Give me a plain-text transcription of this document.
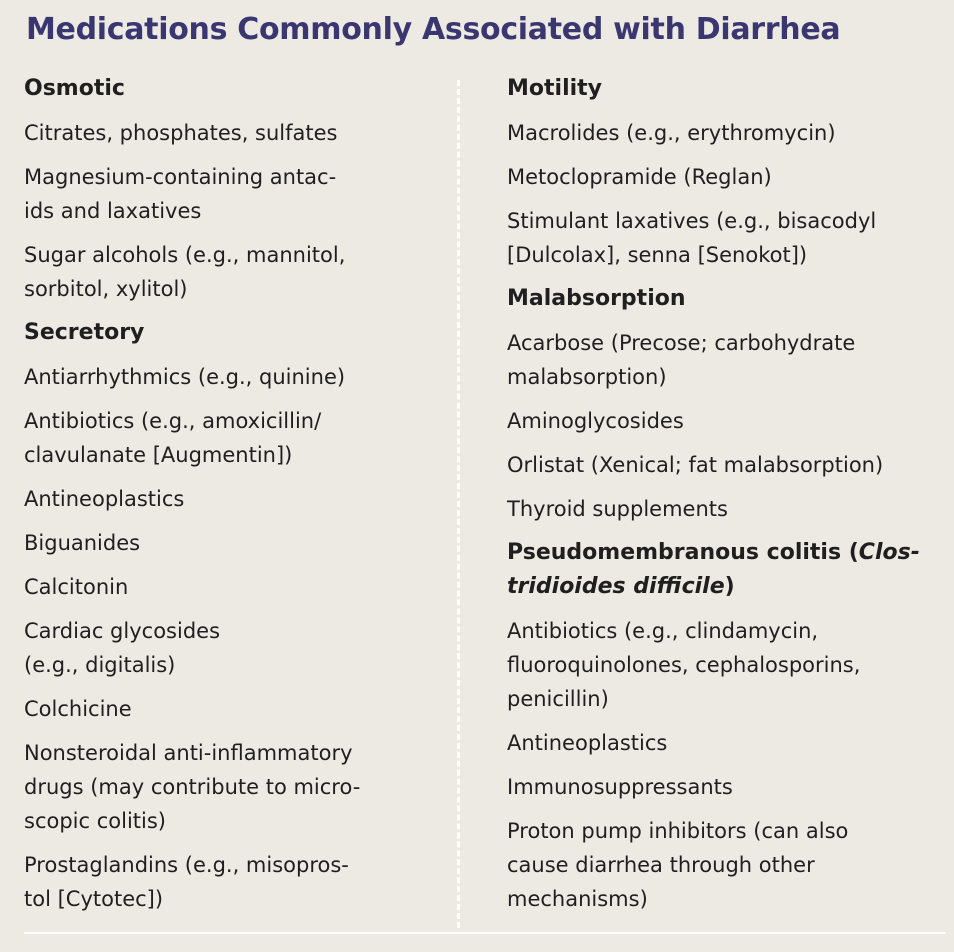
Medications Commonly Associated with Diarrhea
Osmotic
Citrates, phosphates, sulfates
Magnesium-containing antac-
ids and laxatives
Sugar alcohols (e.g., mannitol,
sorbitol, xylitol)
Secretory
Antiarrhythmics (e.g., quinine)
Antibiotics (e.g., amoxicillin/
clavulanate [Augmentin])
Antineoplastics
Biguanides
Calcitonin
Cardiac glycosides
(e.g., digitalis)
Colchicine
Nonsteroidal anti-inflammatory
drugs (may contribute to micro-
scopic colitis)
Prostaglandins (e.g., misopros-
tol [Cytotec])
Motility
Macrolides (e.g., erythromycin)
Metoclopramide (Reglan)
Stimulant laxatives (e.g., bisacodyl
[Dulcolax], senna [Senokot])
Malabsorption
Acarbose (Precose; carbohydrate
malabsorption)
Aminoglycosides
Orlistat (Xenical; fat malabsorption)
Thyroid supplements
Pseudomembranous colitis (Clos-
tridioides difficile)
Antibiotics (e.g., clindamycin,
fluoroquinolones, cephalosporins,
penicillin)
Antineoplastics
Immunosuppressants
Proton pump inhibitors (can also
cause diarrhea through other
mechanisms)
